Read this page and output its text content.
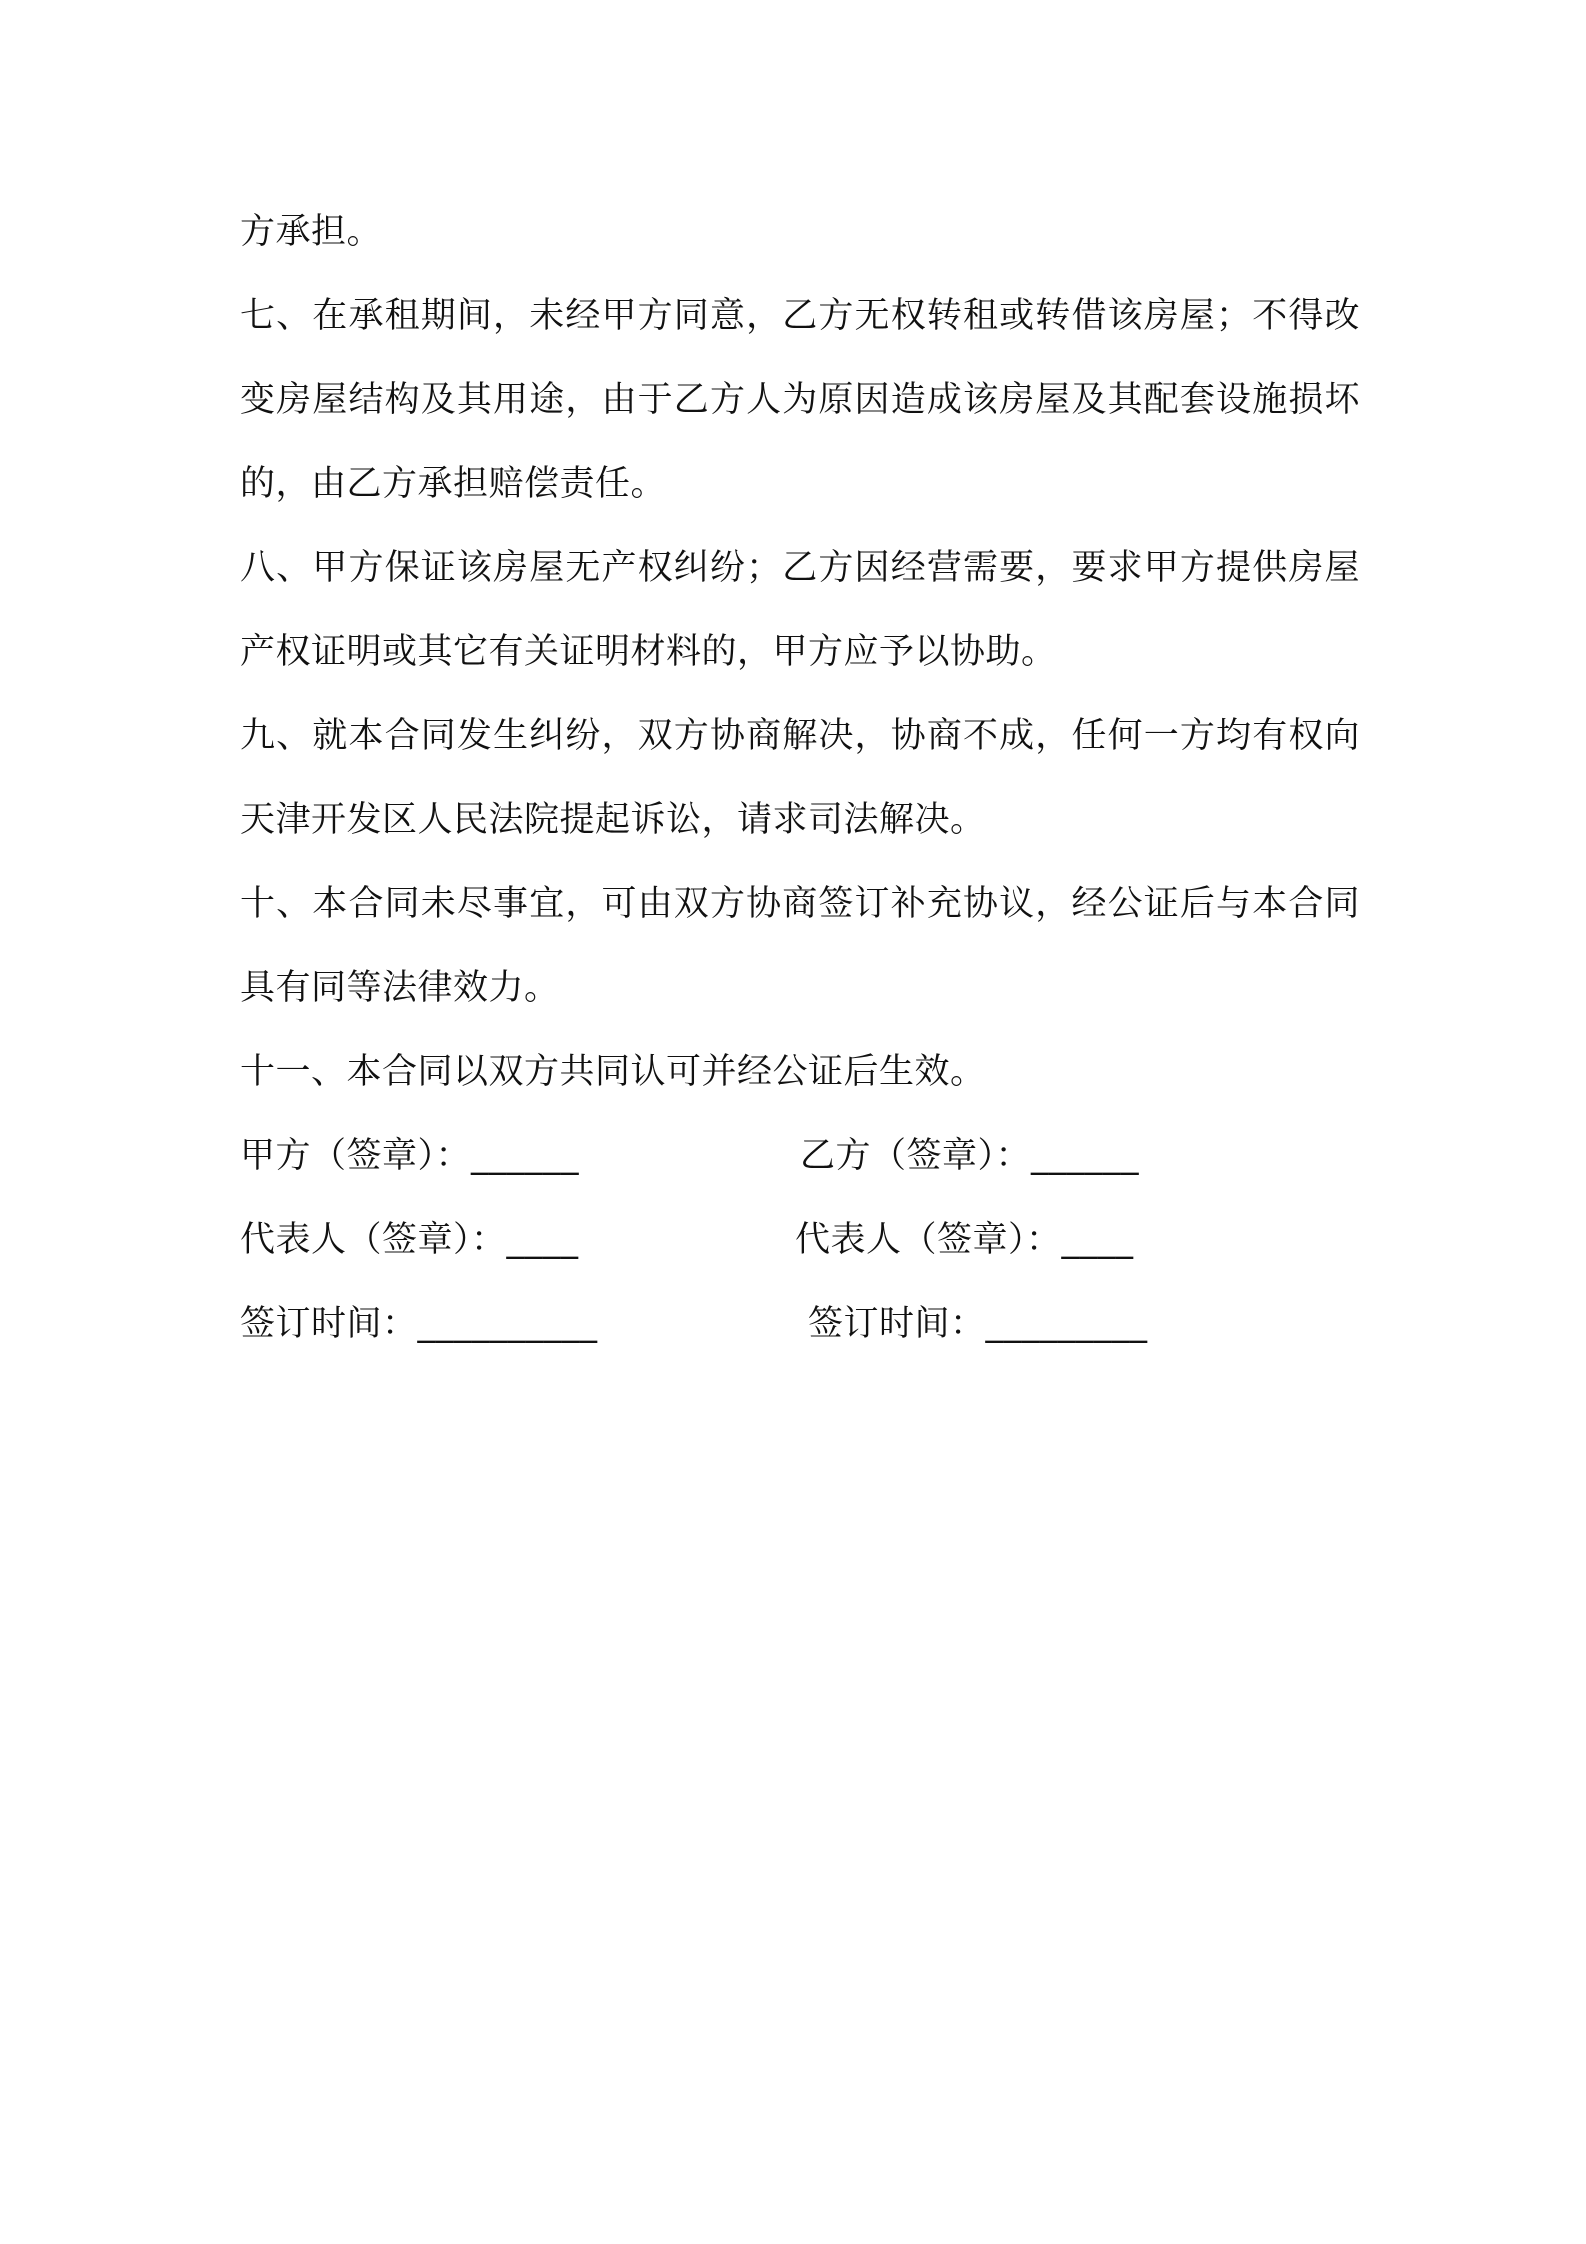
方承担。

七、在承租期间，未经甲方同意，乙方无权转租或转借该房屋；不得改变房屋结构及其用途，由于乙方人为原因造成该房屋及其配套设施损坏的，由乙方承担赔偿责任。

八、甲方保证该房屋无产权纠纷；乙方因经营需要，要求甲方提供房屋产权证明或其它有关证明材料的，甲方应予以协助。

九、就本合同发生纠纷，双方协商解决，协商不成，任何一方均有权向天津开发区人民法院提起诉讼，请求司法解决。

十、本合同未尽事宜，可由双方协商签订补充协议，经公证后与本合同具有同等法律效力。

十一、本合同以双方共同认可并经公证后生效。

甲方（签章）：______	乙方（签章）：______
代表人（签章）：____	代表人（签章）：____
签订时间：__________	签订时间：_________
